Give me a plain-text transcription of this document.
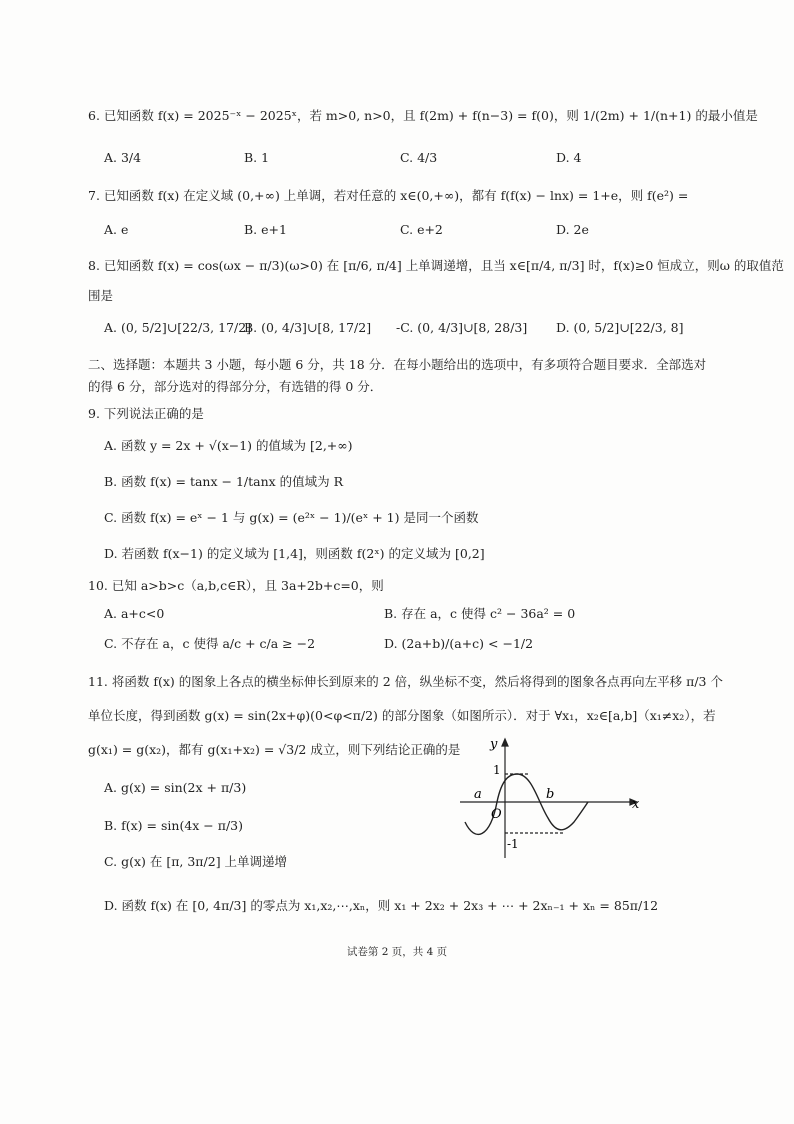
6. 已知函数 f(x) = 2025⁻ˣ − 2025ˣ，若 m>0, n>0，且 f(2m) + f(n−3) = f(0)，则 1/(2m) + 1/(n+1) 的最小值是
A. 3/4	B. 1	C. 4/3	D. 4
7. 已知函数 f(x) 在定义域 (0,+∞) 上单调，若对任意的 x∈(0,+∞)，都有 f(f(x) − lnx) = 1+e，则 f(e²) =
A. e	B. e+1	C. e+2	D. 2e
8. 已知函数 f(x) = cos(ωx − π/3)(ω>0) 在 [π/6, π/4] 上单调递增，且当 x∈[π/4, π/3] 时，f(x)≥0 恒成立，则ω 的取值范
围是
A. (0, 5/2]∪[22/3, 17/2]
B. (0, 4/3]∪[8, 17/2] -C. (0, 4/3]∪[8, 28/3] D. (0, 5/2]∪[22/3, 8]
二、选择题：本题共 3 小题，每小题 6 分，共 18 分．在每小题给出的选项中，有多项符合题目要求．全部选对的得 6 分，部分选对的得部分分，有选错的得 0 分．
9. 下列说法正确的是
A. 函数 y = 2x + √(x−1) 的值域为 [2,+∞)
B. 函数 f(x) = tanx − 1/tanx 的值域为 R
C. 函数 f(x) = eˣ − 1 与 g(x) = (e²ˣ − 1)/(eˣ + 1) 是同一个函数
D. 若函数 f(x−1) 的定义域为 [1,4]，则函数 f(2ˣ) 的定义域为 [0,2]
10. 已知 a>b>c（a,b,c∈R），且 3a+2b+c=0，则
A. a+c<0	B. 存在 a，c 使得 c² − 36a² = 0
C. 不存在 a，c 使得 a/c + c/a ≥ −2	D. (2a+b)/(a+c) < −1/2
11. 将函数 f(x) 的图象上各点的横坐标伸长到原来的 2 倍，纵坐标不变，然后将得到的图象各点再向左平移 π/3 个
单位长度，得到函数 g(x) = sin(2x+φ)(0<φ<π/2) 的部分图象（如图所示）．对于 ∀x₁，x₂∈[a,b]（x₁≠x₂），若
g(x₁) = g(x₂)，都有 g(x₁+x₂) = √3/2 成立，则下列结论正确的是
A. g(x) = sin(2x + π/3)
B. f(x) = sin(4x − π/3)
C. g(x) 在 [π, 3π/2] 上单调递增
D. 函数 f(x) 在 [0, 4π/3] 的零点为 x₁,x₂,⋯,xₙ，则 x₁ + 2x₂ + 2x₃ + ⋯ + 2xₙ₋₁ + xₙ = 85π/12
y
x
O
a	b
1
-1
试卷第 2 页，共 4 页
